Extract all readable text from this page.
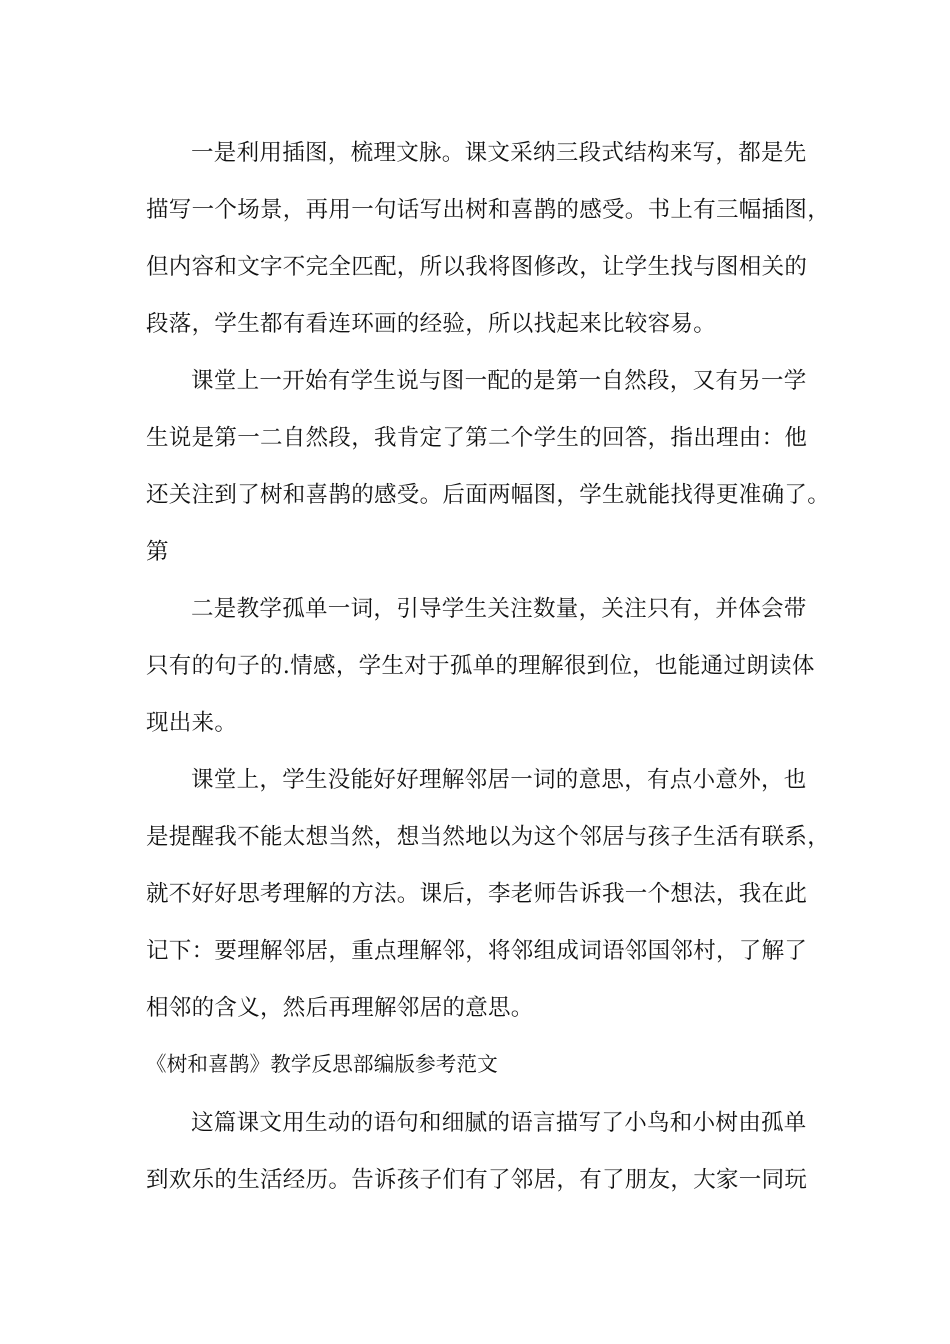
一是利用插图，梳理文脉。课文采纳三段式结构来写，都是先
描写一个场景，再用一句话写出树和喜鹊的感受。书上有三幅插图，
但内容和文字不完全匹配，所以我将图修改，让学生找与图相关的
段落，学生都有看连环画的经验，所以找起来比较容易。
课堂上一开始有学生说与图一配的是第一自然段，又有另一学
生说是第一二自然段，我肯定了第二个学生的回答，指出理由：他
还关注到了树和喜鹊的感受。后面两幅图，学生就能找得更准确了。
第
二是教学孤单一词，引导学生关注数量，关注只有，并体会带
只有的句子的.情感，学生对于孤单的理解很到位，也能通过朗读体
现出来。
课堂上，学生没能好好理解邻居一词的意思，有点小意外，也
是提醒我不能太想当然，想当然地以为这个邻居与孩子生活有联系，
就不好好思考理解的方法。课后，李老师告诉我一个想法，我在此
记下：要理解邻居，重点理解邻，将邻组成词语邻国邻村，了解了
相邻的含义，然后再理解邻居的意思。
《树和喜鹊》教学反思部编版参考范文
这篇课文用生动的语句和细腻的语言描写了小鸟和小树由孤单
到欢乐的生活经历。告诉孩子们有了邻居，有了朋友，大家一同玩
